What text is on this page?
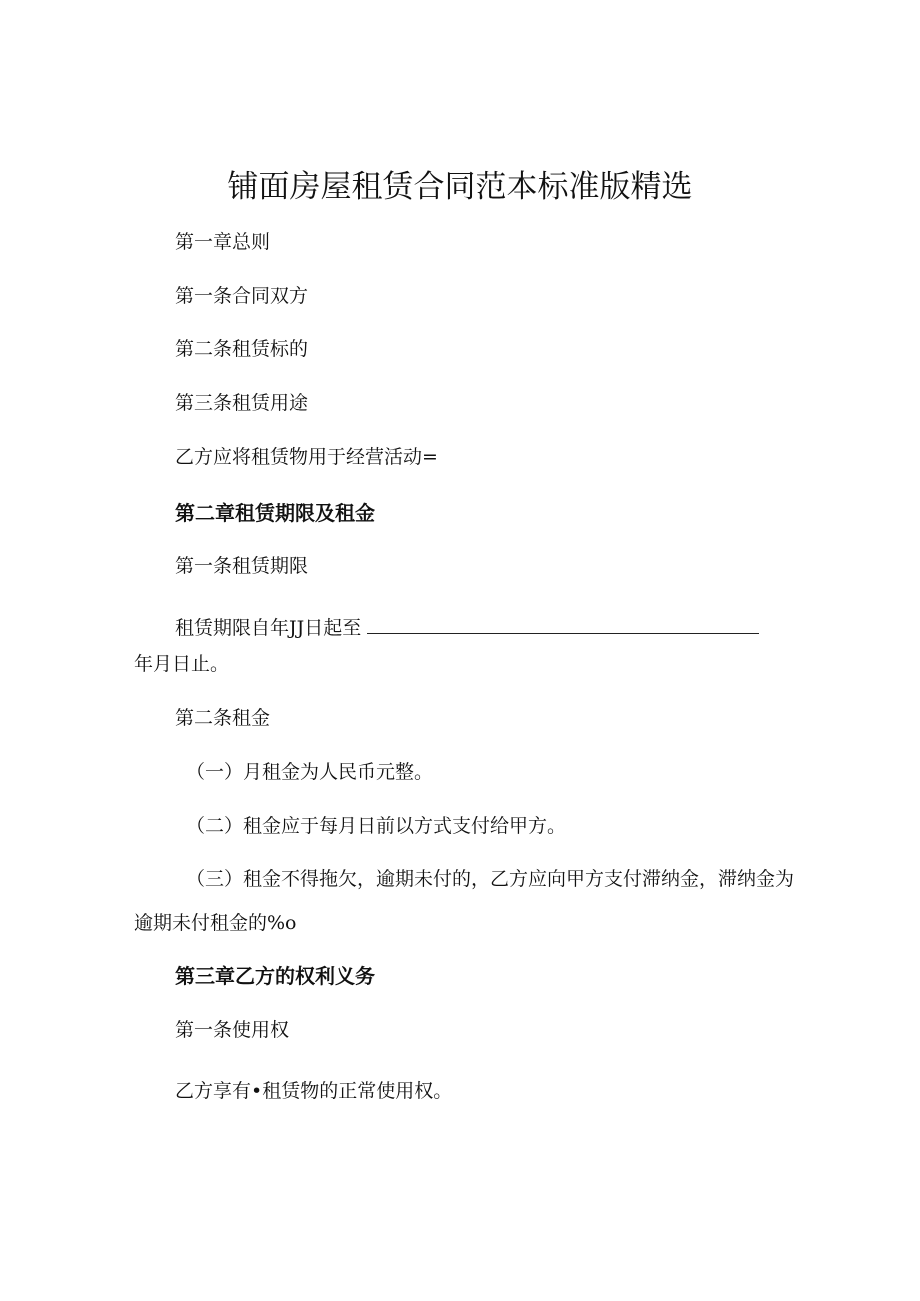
铺面房屋租赁合同范本标准版精选
第一章总则
第一条合同双方
第二条租赁标的
第三条租赁用途
乙方应将租赁物用于经营活动=
第二章租赁期限及租金
第一条租赁期限
租赁期限自年JJ日起至
年月日止。
第二条租金
（一）月租金为人民币元整。
（二）租金应于每月日前以方式支付给甲方。
（三）租金不得拖欠，逾期未付的，乙方应向甲方支付滞纳金，滞纳金为
逾期未付租金的%o
第三章乙方的权利义务
第一条使用权
乙方享有•租赁物的正常使用权。
